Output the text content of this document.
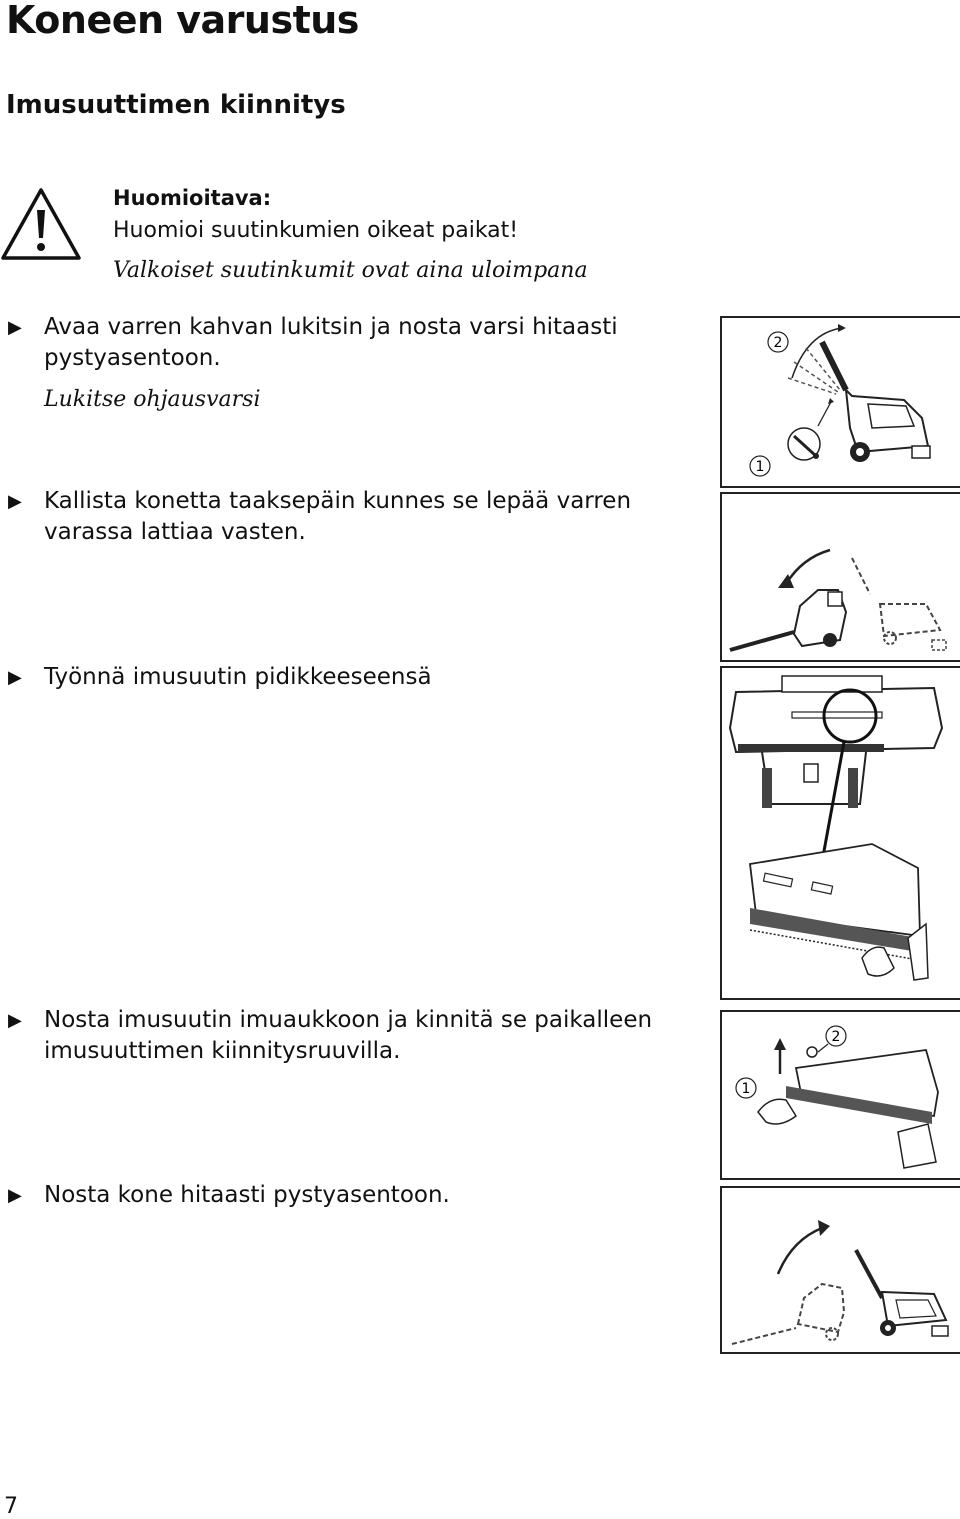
Koneen varustus
Imusuuttimen kiinnitys
Huomioitava:
Huomioi suutinkumien oikeat paikat!
Valkoiset suutinkumit ovat aina uloimpana
▶ Avaa varren kahvan lukitsin ja nosta varsi hitaasti pystyasentoon.
Lukitse ohjausvarsi
▶ Kallista konetta taaksepäin kunnes se lepää varren varassa lattiaa vasten.
▶ Työnnä imusuutin pidikkeeseensä
▶ Nosta imusuutin imuaukkoon ja kinnitä se paikalleen imusuuttimen kiinnitysruuvilla.
▶ Nosta kone hitaasti pystyasentoon.
2
1
1
2
7
